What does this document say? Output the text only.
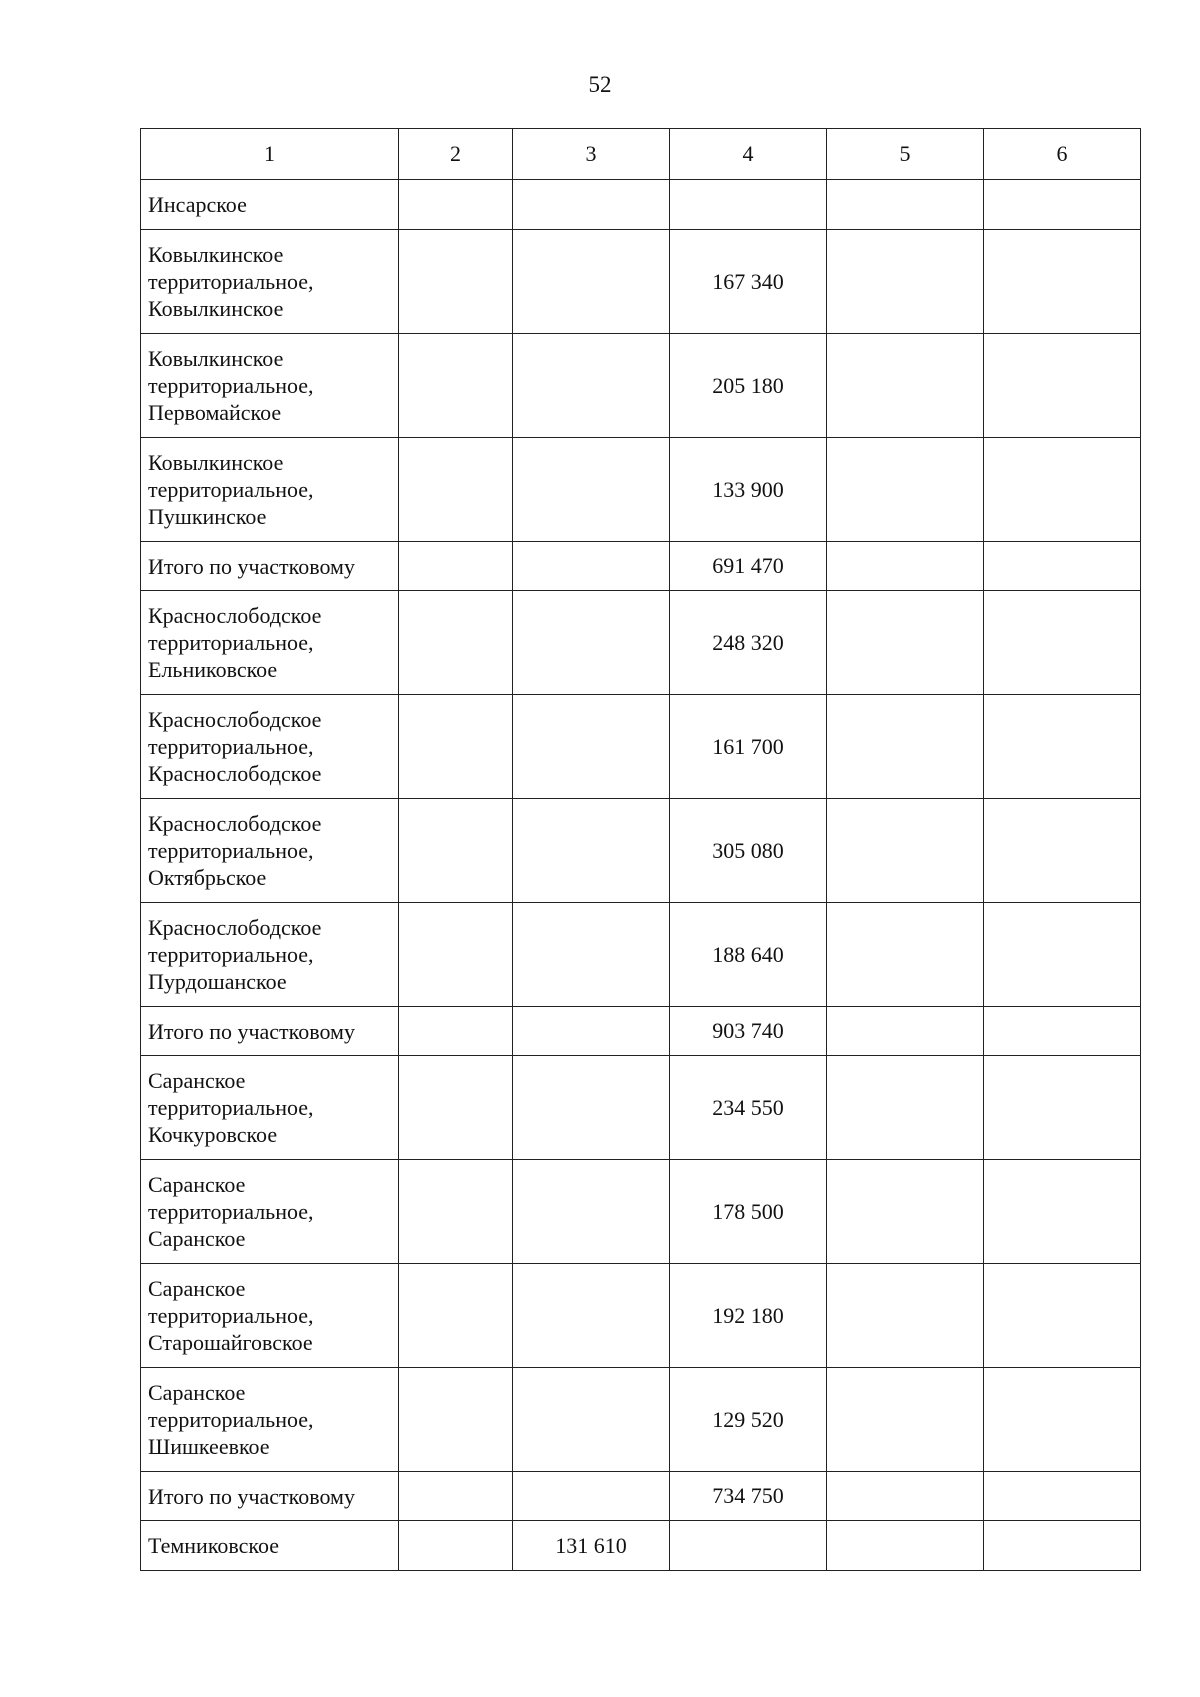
52
1	2	3	4	5	6

Инсарское					

Ковылкинское
территориальное,
Ковылкинское			167 340		

Ковылкинское
территориальное,
Первомайское			205 180		

Ковылкинское
территориальное,
Пушкинское			133 900		

Итого по участковому			691 470		

Краснослободское
территориальное,
Ельниковское			248 320		

Краснослободское
территориальное,
Краснослободское			161 700		

Краснослободское
территориальное,
Октябрьское			305 080		

Краснослободское
территориальное,
Пурдошанское			188 640		

Итого по участковому			903 740		

Саранское
территориальное,
Кочкуровское			234 550		

Саранское
территориальное,
Саранское			178 500		

Саранское
территориальное,
Старошайговское			192 180		

Саранское
территориальное,
Шишкеевкое			129 520		

Итого по участковому			734 750		

Темниковское		131 610			
